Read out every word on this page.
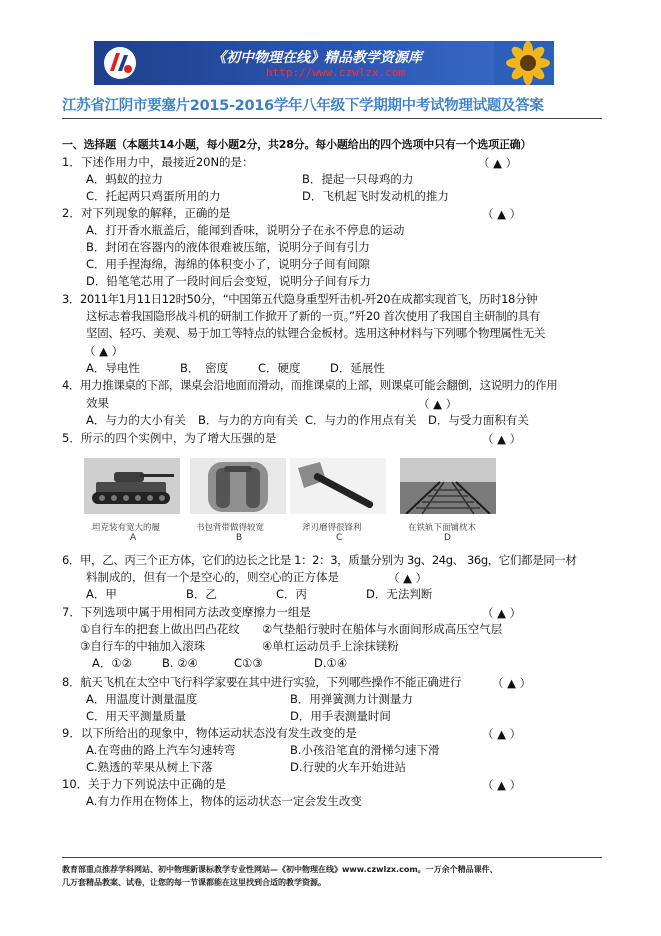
《初中物理在线》精品教学资源库
http://www.czwlzx.com
江苏省江阴市要塞片2015-2016学年八年级下学期期中考试物理试题及答案
一、选择题（本题共14小题，每小题2分，共28分。每小题给出的四个选项中只有一个选项正确）
1．下述作用力中，最接近20N的是：	（ ▲ ）
A．蚂蚁的拉力	B．提起一只母鸡的力
C．托起两只鸡蛋所用的力	D．飞机起飞时发动机的推力
2．对下列现象的解释，正确的是	（ ▲ ）
A．打开香水瓶盖后，能闻到香味，说明分子在永不停息的运动
B．封闭在容器内的液体很难被压缩，说明分子间有引力
C．用手捏海绵，海绵的体积变小了，说明分子间有间隙
D．铅笔笔芯用了一段时间后会变短，说明分子间有斥力
3．2011年1月11日12时50分，“中国第五代隐身重型歼击机-歼20在成都实现首飞，历时18分钟
这标志着我国隐形战斗机的研制工作掀开了新的一页。”歼20 首次使用了我国自主研制的具有
坚固、轻巧、美观、易于加工等特点的钛锂合金板材。选用这种材料与下列哪个物理属性无关
（ ▲ ）
A．导电性	B．　密度	C．硬度	D．延展性
4．用力推课桌的下部，课桌会沿地面而滑动，而推课桌的上部，则课桌可能会翻倒，这说明力的作用
效果	（ ▲ ）
A．与力的大小有关 B．与力的方向有关 C．与力的作用点有关 D．与受力面积有关
5．所示的四个实例中，为了增大压强的是	（ ▲ ）
坦克装有宽大的履	书包背带做得较宽	斧刃磨得很锋利	在铁轨下面铺枕木
A	B	C	D
6．甲，乙、丙三个正方体，它们的边长之比是 1：2：3，质量分别为 3g、24g、 36g，它们都是同一材
料制成的，但有一个是空心的，则空心的正方体是	（ ▲ ）
A．甲	B．乙	C．丙	D．无法判断
7．下列选项中属于用相同方法改变摩擦力一组是	（ ▲ ）
①自行车的把套上做出凹凸花纹 ②气垫船行驶时在船体与水面间形成高压空气层
③自行车的中轴加入滚珠	④单杠运动员手上涂抹镁粉
A．①②	B. ②④	C①③	D.①④
8．航天飞机在太空中飞行科学家要在其中进行实验，下列哪些操作不能正确进行	（ ▲ ）
A．用温度计测量温度	B．用弹簧测力计测量力
C．用天平测量质量	D．用手表测量时间
9．以下所给出的现象中，物体运动状态没有发生改变的是	（ ▲ ）
A.在弯曲的路上汽车匀速转弯	B.小孩沿笔直的滑梯匀速下滑
C.熟透的苹果从树上下落	D.行驶的火车开始进站
10．关于力下列说法中正确的是	（ ▲ ）
A.有力作用在物体上，物体的运动状态一定会发生改变
教育部重点推荐学科网站、初中物理新课标教学专业性网站—《初中物理在线》www.czwlzx.com。一万余个精品课件、
几万套精品教案、试卷，让您的每一节课都能在这里找到合适的教学资源。
